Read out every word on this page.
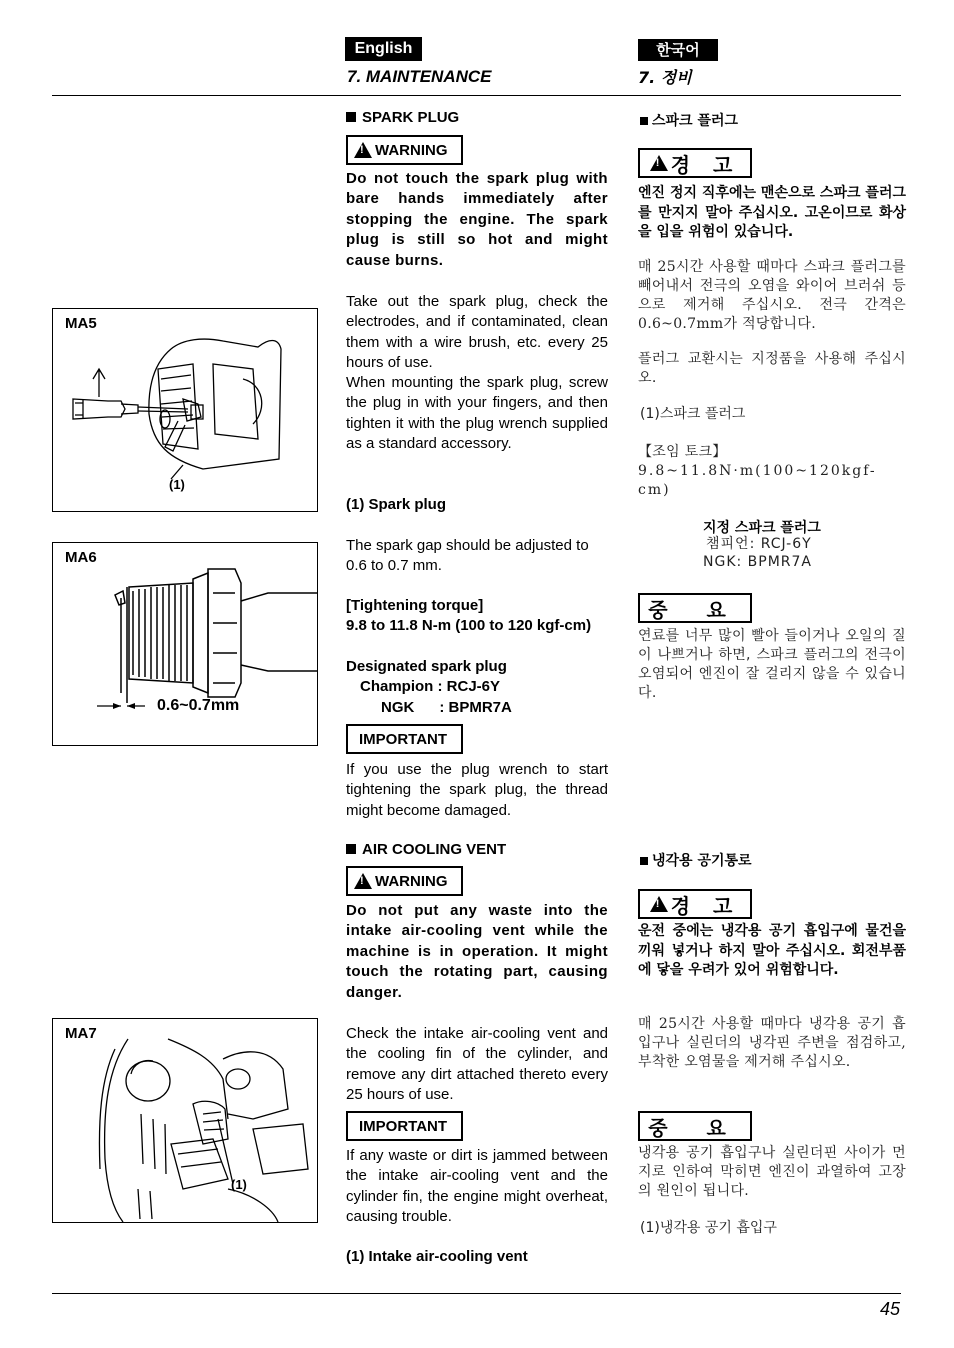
English
7. MAINTENANCE
한국어
7. 정비
SPARK PLUG
!
WARNING
Do not touch the spark plug with bare hands immediately after stopping the engine. The spark plug is still so hot and might cause burns.
Take out the spark plug, check the electrodes, and if contaminated, clean them with a wire brush, etc. every 25 hours of use.
When mounting the spark plug, screw the plug in with your fingers, and then tighten it with the plug wrench supplied as a standard accessory.
(1) Spark plug
The spark gap should be adjusted to 0.6 to 0.7 mm.
[Tightening torque]
9.8 to 11.8 N-m (100 to 120 kgf-cm)
Designated spark plug
Champion : RCJ-6Y
NGK      : BPMR7A
IMPORTANT
If you use the plug wrench to start tightening the spark plug, the thread might become damaged.
AIR COOLING VENT
!
WARNING
Do not put any waste into the intake air-cooling vent while the machine is in operation. It might touch the rotating part, causing danger.
Check the intake air-cooling vent and the cooling fin of the cylinder, and remove any dirt attached thereto every 25 hours of use.
IMPORTANT
If any waste or dirt is jammed between the intake air-cooling vent and the cylinder fin, the engine might overheat, causing trouble.
(1) Intake air-cooling vent
MA5
(1)
MA6
0.6~0.7mm
MA7
(1)
스파크 플러그
!
경 고
엔진 정지 직후에는 맨손으로 스파크 플러그를 만지지 말아 주십시오. 고온이므로 화상을 입을 위험이 있습니다.
매 25시간 사용할 때마다 스파크 플러그를 빼어내서 전극의 오염을 와이어 브러쉬 등으로 제거해 주십시오. 전극 간격은 0.6~0.7mm가 적당합니다.
플러그 교환시는 지정품을 사용해 주십시오.
(1)스파크 플러그
【조임 토크】
9.8~11.8N·m(100~120kgf-cm)
지정 스파크 플러그
챔피언: RCJ-6Y
NGK: BPMR7A
중 요
연료를 너무 많이 빨아 들이거나 오일의 질이 나쁘거나 하면, 스파크 플러그의 전극이 오염되어 엔진이 잘 걸리지 않을 수 있습니다.
냉각용 공기통로
!
경 고
운전 중에는 냉각용 공기 흡입구에 물건을 끼워 넣거나 하지 말아 주십시오. 회전부품에 닿을 우려가 있어 위험합니다.
매 25시간 사용할 때마다 냉각용 공기 흡입구나 실린더의 냉각핀 주변을 점검하고, 부착한 오염물을 제거해 주십시오.
중 요
냉각용 공기 흡입구나 실린더핀 사이가 먼지로 인하여 막히면 엔진이 과열하여 고장의 원인이 됩니다.
(1)냉각용 공기 흡입구
45
